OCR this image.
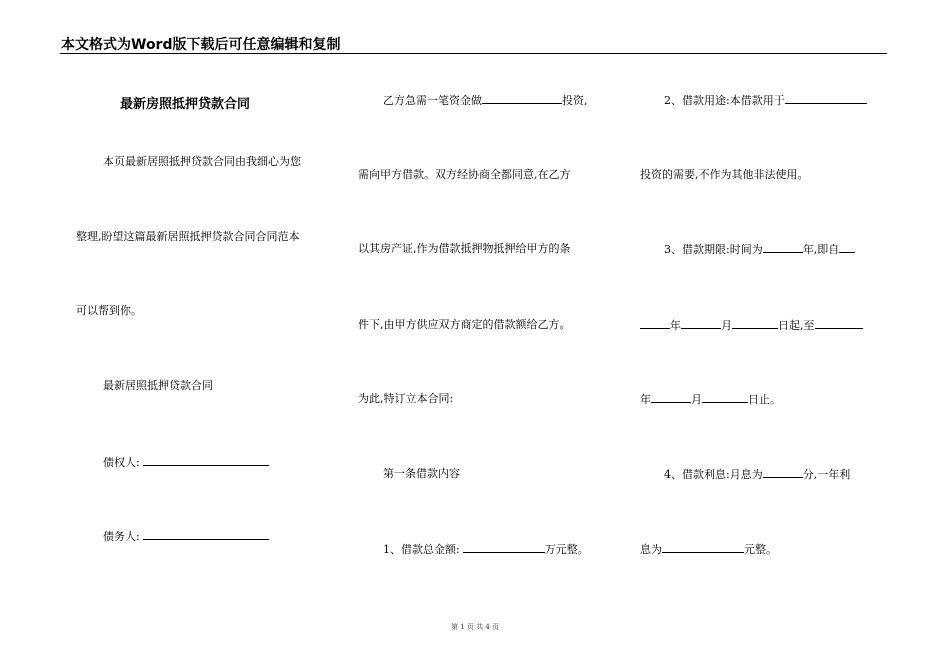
本文格式为Word版下载后可任意编辑和复制
最新房照抵押贷款合同
本页最新居照抵押贷款合同由我细心为您
整理,盼望这篇最新居照抵押贷款合同合同范本
可以帮到你。
最新居照抵押贷款合同
债权人:
债务人:
乙方急需一笔资金做	投资,
需向甲方借款。双方经协商全都同意,在乙方
以其房产证,作为借款抵押物抵押给甲方的条
件下,由甲方供应双方商定的借款额给乙方。
为此,特订立本合同:
第一条借款内容
1、借款总金额:	万元整。
2、借款用途:本借款用于
投资的需要,不作为其他非法使用。
3、借款期限:时间为	年,即自
年	月	日起,至
年	月	日止。
4、借款利息:月息为	分,一年利
息为	元整。
第 1 页 共 4 页
